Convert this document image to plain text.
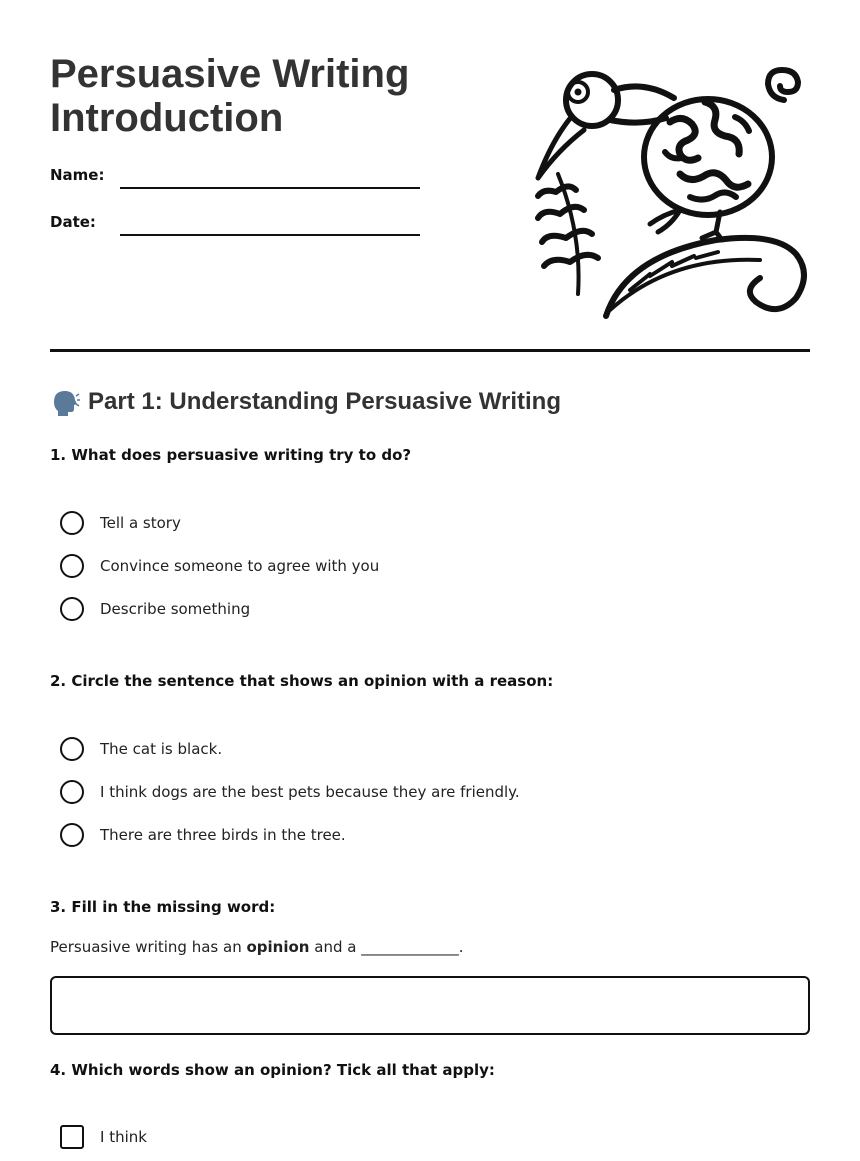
Persuasive Writing
Introduction
Name:
Date:
Part 1: Understanding Persuasive Writing
1. What does persuasive writing try to do?
Tell a story
Convince someone to agree with you
Describe something
2. Circle the sentence that shows an opinion with a reason:
The cat is black.
I think dogs are the best pets because they are friendly.
There are three birds in the tree.
3. Fill in the missing word:
Persuasive writing has an opinion and a _____________.
4. Which words show an opinion? Tick all that apply:
I think
